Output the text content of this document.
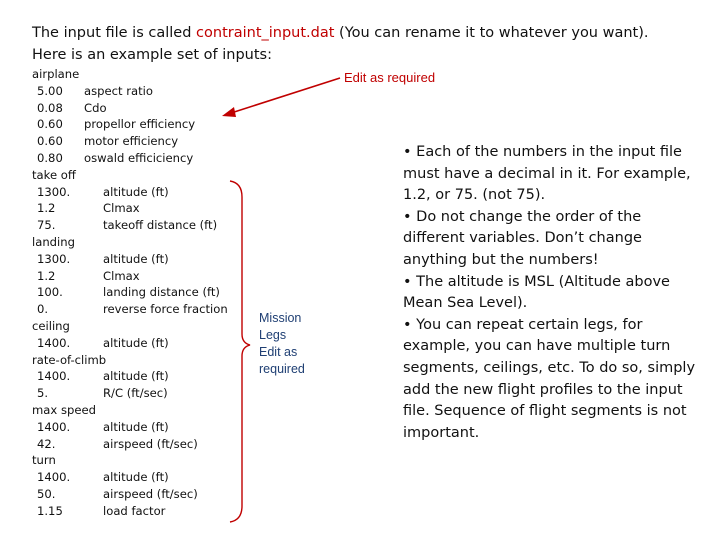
The input file is called contraint_input.dat (You can rename it to whatever you want).
Here is an example set of inputs:
airplane
5.00 aspect ratio
0.08 Cdo
0.60 propellor efficiency
0.60 motor efficiency
0.80 oswald efficiciency
take off
1300.	altitude (ft)
1.2	Clmax
75.	takeoff distance (ft)
landing
1300.	altitude (ft)
1.2	Clmax
100.	landing distance (ft)
0.	reverse force fraction
ceiling
1400.	altitude (ft)
rate-of-climb
1400.	altitude (ft)
5.	R/C (ft/sec)
max speed
1400.	altitude (ft)
42.	airspeed (ft/sec)
turn
1400.	altitude (ft)
50.	airspeed (ft/sec)
1.15	load factor
Edit as required
Mission
Legs
Edit as
required

• Each of the numbers in the input file must have a decimal in it. For example, 1.2, or 75. (not 75).

• Do not change the order of the different variables. Don’t change anything but the numbers!

• The altitude is MSL (Altitude above Mean Sea Level).

• You can repeat certain legs, for example, you can have multiple turn segments, ceilings, etc. To do so, simply add the new flight profiles to the input file. Sequence of flight segments is not important.
